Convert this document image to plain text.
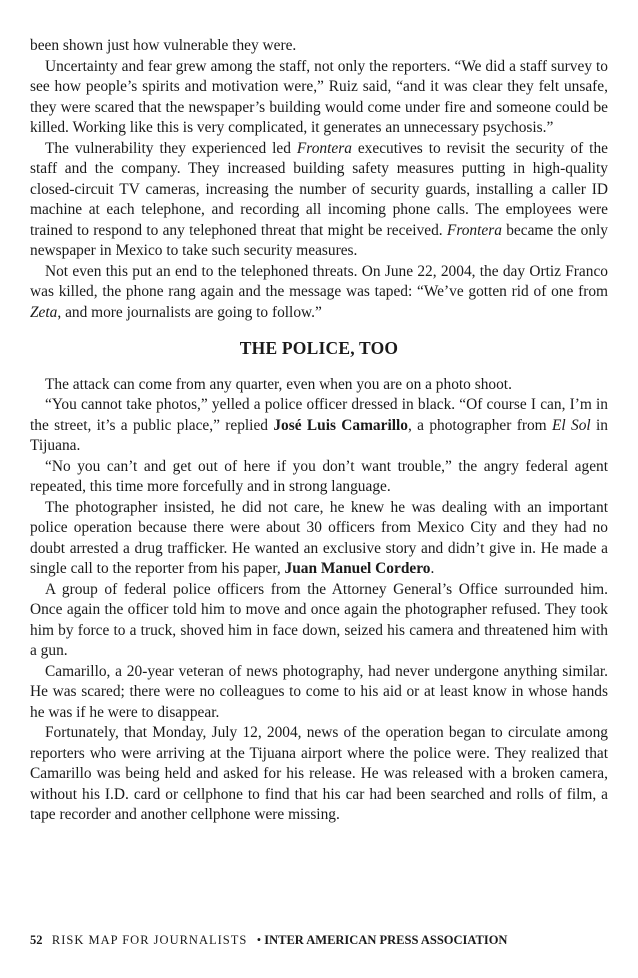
been shown just how vulnerable they were.

Uncertainty and fear grew among the staff, not only the reporters. “We did a staff survey to see how people’s spirits and motivation were,” Ruiz said, “and it was clear they felt unsafe, they were scared that the newspaper’s building would come under fire and someone could be killed. Working like this is very complicated, it generates an unnecessary psychosis.”

The vulnerability they experienced led Frontera executives to revisit the security of the staff and the company. They increased building safety measures putting in high-quality closed-circuit TV cameras, increasing the number of security guards, installing a caller ID machine at each telephone, and recording all incoming phone calls. The employees were trained to respond to any telephoned threat that might be received. Frontera became the only newspaper in Mexico to take such security measures.

Not even this put an end to the telephoned threats. On June 22, 2004, the day Ortiz Franco was killed, the phone rang again and the message was taped: “We’ve gotten rid of one from Zeta, and more journalists are going to follow.”

THE POLICE, TOO

The attack can come from any quarter, even when you are on a photo shoot.

“You cannot take photos,” yelled a police officer dressed in black. “Of course I can, I’m in the street, it’s a public place,” replied José Luis Camarillo, a photographer from El Sol in Tijuana.

“No you can’t and get out of here if you don’t want trouble,” the angry federal agent repeated, this time more forcefully and in strong language.

The photographer insisted, he did not care, he knew he was dealing with an important police operation because there were about 30 officers from Mexico City and they had no doubt arrested a drug trafficker. He wanted an exclusive story and didn’t give in. He made a single call to the reporter from his paper, Juan Manuel Cordero.

A group of federal police officers from the Attorney General’s Office surrounded him. Once again the officer told him to move and once again the photographer refused. They took him by force to a truck, shoved him in face down, seized his camera and threatened him with a gun.

Camarillo, a 20-year veteran of news photography, had never undergone anything similar. He was scared; there were no colleagues to come to his aid or at least know in whose hands he was if he were to disappear.

Fortunately, that Monday, July 12, 2004, news of the operation began to circulate among reporters who were arriving at the Tijuana airport where the police were. They realized that Camarillo was being held and asked for his release. He was released with a broken camera, without his I.D. card or cellphone to find that his car had been searched and rolls of film, a tape recorder and another cellphone were missing.

52 RISK MAP FOR JOURNALISTS • INTER AMERICAN PRESS ASSOCIATION
